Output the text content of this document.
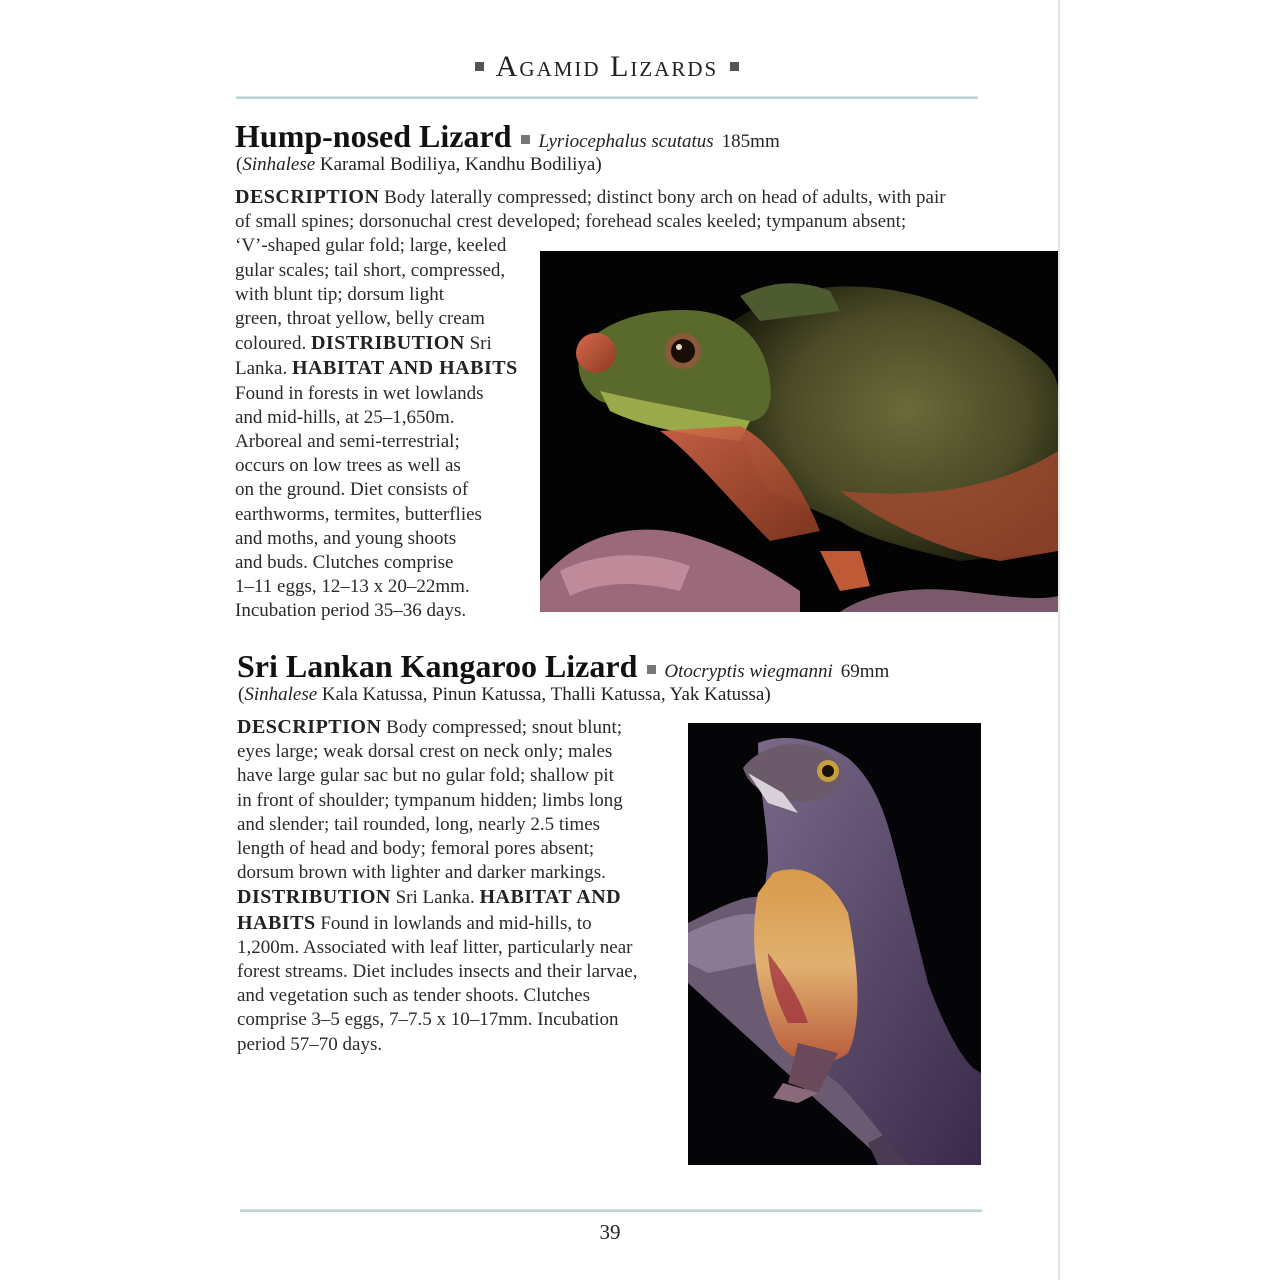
Agamid Lizards
Hump-nosed Lizard Lyriocephalus scutatus 185mm
(Sinhalese Karamal Bodiliya, Kandhu Bodiliya)
DESCRIPTION Body laterally compressed; distinct bony arch on head of adults, with pair
of small spines; dorsonuchal crest developed; forehead scales keeled; tympanum absent;
‘V’-shaped gular fold; large, keeled
gular scales; tail short, compressed,
with blunt tip; dorsum light
green, throat yellow, belly cream
coloured. DISTRIBUTION Sri
Lanka. HABITAT AND HABITS
Found in forests in wet lowlands
and mid-hills, at 25–1,650m.
Arboreal and semi-terrestrial;
occurs on low trees as well as
on the ground. Diet consists of
earthworms, termites, butterflies
and moths, and young shoots
and buds. Clutches comprise
1–11 eggs, 12–13 x 20–22mm.
Incubation period 35–36 days.
Sri Lankan Kangaroo Lizard Otocryptis wiegmanni 69mm
(Sinhalese Kala Katussa, Pinun Katussa, Thalli Katussa, Yak Katussa)
DESCRIPTION Body compressed; snout blunt;
eyes large; weak dorsal crest on neck only; males
have large gular sac but no gular fold; shallow pit
in front of shoulder; tympanum hidden; limbs long
and slender; tail rounded, long, nearly 2.5 times
length of head and body; femoral pores absent;
dorsum brown with lighter and darker markings.
DISTRIBUTION Sri Lanka. HABITAT AND
HABITS Found in lowlands and mid-hills, to
1,200m. Associated with leaf litter, particularly near
forest streams. Diet includes insects and their larvae,
and vegetation such as tender shoots. Clutches
comprise 3–5 eggs, 7–7.5 x 10–17mm. Incubation
period 57–70 days.
39
